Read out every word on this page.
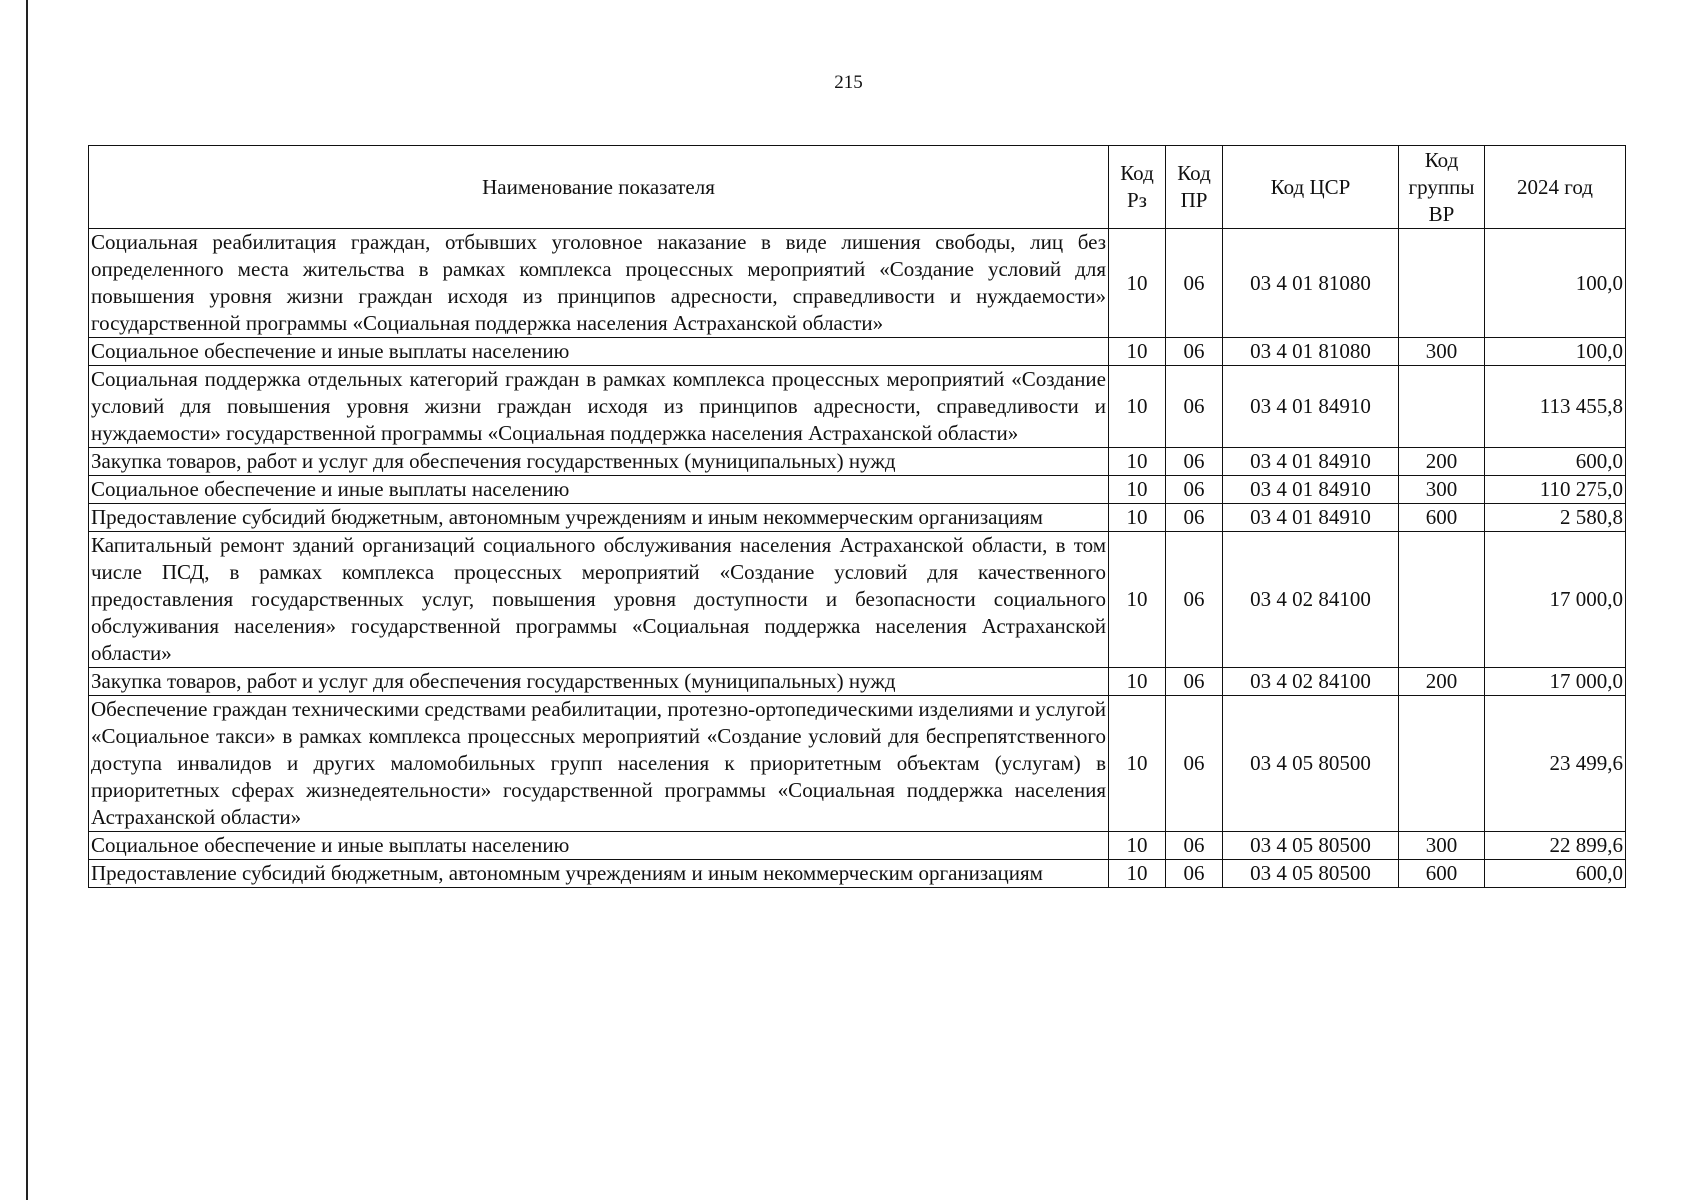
215
Наименование показателя	Код Рз	Код ПР	Код ЦСР	Код группы ВР	2024 год
Социальная реабилитация граждан, отбывших уголовное наказание в виде лишения свободы, лиц без определенного места жительства в рамках комплекса процессных мероприятий «Создание условий для повышения уровня жизни граждан исходя из принципов адресности, справедливости и нуждаемости» государственной программы «Социальная поддержка населения Астраханской области»	10	06	03 4 01 81080		100,0
Социальное обеспечение и иные выплаты населению	10	06	03 4 01 81080	300	100,0
Социальная поддержка отдельных категорий граждан в рамках комплекса процессных мероприятий «Создание условий для повышения уровня жизни граждан исходя из принципов адресности, справедливости и нуждаемости» государственной программы «Социальная поддержка населения Астраханской области»	10	06	03 4 01 84910		113 455,8
Закупка товаров, работ и услуг для обеспечения государственных (муниципальных) нужд	10	06	03 4 01 84910	200	600,0
Социальное обеспечение и иные выплаты населению	10	06	03 4 01 84910	300	110 275,0
Предоставление субсидий бюджетным, автономным учреждениям и иным некоммерческим организациям	10	06	03 4 01 84910	600	2 580,8
Капитальный ремонт зданий организаций социального обслуживания населения Астраханской области, в том числе ПСД, в рамках комплекса процессных мероприятий «Создание условий для качественного предоставления государственных услуг, повышения уровня доступности и безопасности социального обслуживания населения» государственной программы «Социальная поддержка населения Астраханской области»	10	06	03 4 02 84100		17 000,0
Закупка товаров, работ и услуг для обеспечения государственных (муниципальных) нужд	10	06	03 4 02 84100	200	17 000,0
Обеспечение граждан техническими средствами реабилитации, протезно-ортопедическими изделиями и услугой «Социальное такси» в рамках комплекса процессных мероприятий «Создание условий для беспрепятственного доступа инвалидов и других маломобильных групп населения к приоритетным объектам (услугам) в приоритетных сферах жизнедеятельности» государственной программы «Социальная поддержка населения Астраханской области»	10	06	03 4 05 80500		23 499,6
Социальное обеспечение и иные выплаты населению	10	06	03 4 05 80500	300	22 899,6
Предоставление субсидий бюджетным, автономным учреждениям и иным некоммерческим организациям	10	06	03 4 05 80500	600	600,0
